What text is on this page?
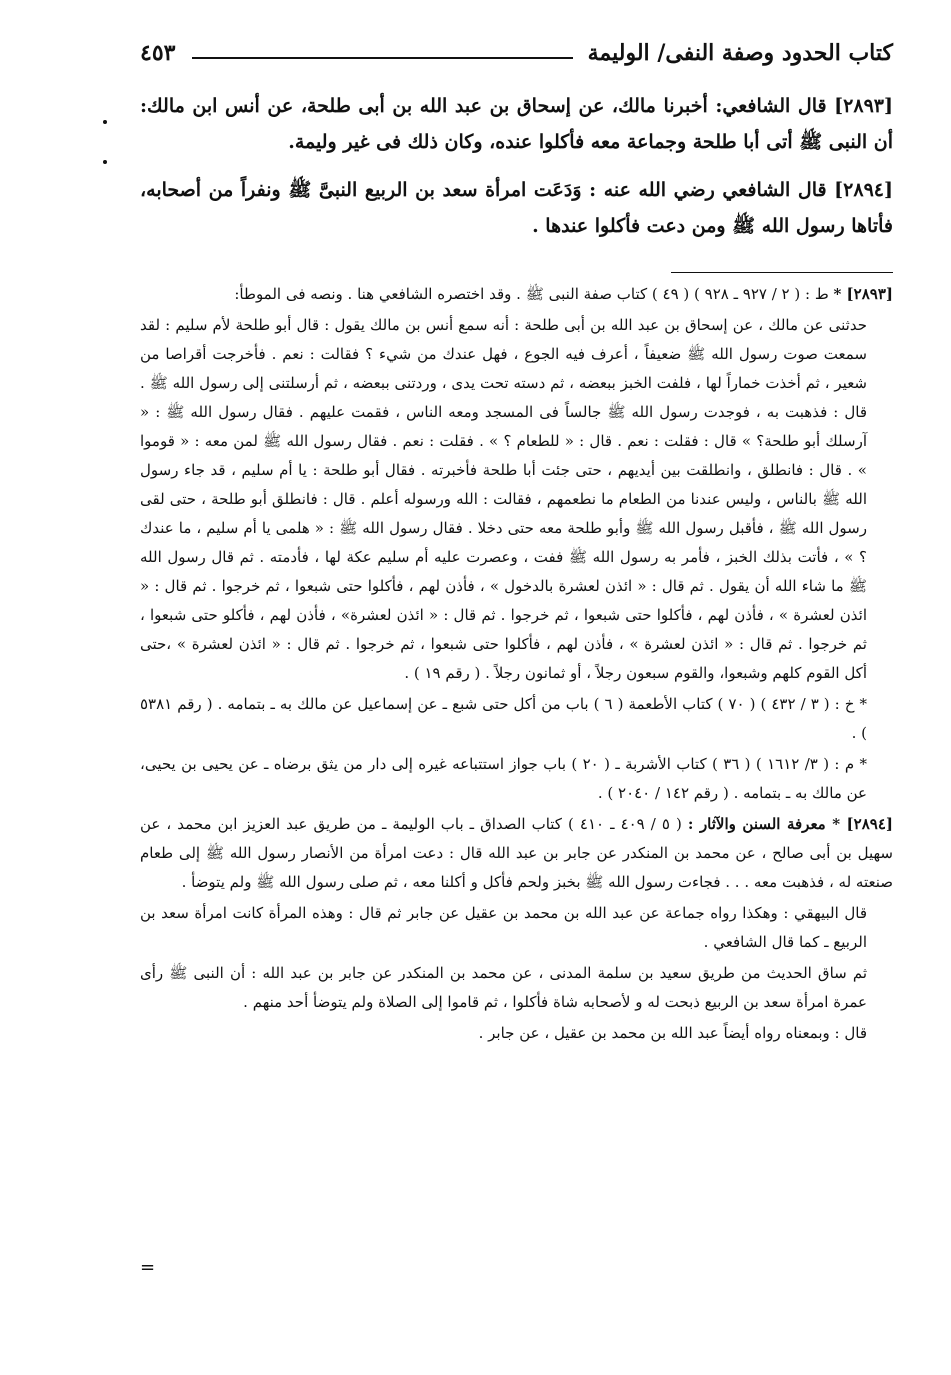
كتاب الحدود وصفة النفى/ الوليمة
٤٥٣

[٢٨٩٣] قال الشافعي: أخبرنا مالك، عن إسحاق بن عبد الله بن أبى طلحة، عن أنس ابن مالك: أن النبى ﷺ أتى أبا طلحة وجماعة معه فأكلوا عنده، وكان ذلك فى غير وليمة.

[٢٨٩٤] قال الشافعي رضي الله عنه : وَدَعَت امرأة سعد بن الربيع النبىَّ ﷺ ونفراً من أصحابه، فأتاها رسول الله ﷺ ومن دعت فأكلوا عندها .

[٢٨٩٣] * ط : ( ٢ / ٩٢٧ ـ ٩٢٨ ) ( ٤٩ ) كتاب صفة النبى ﷺ . وقد اختصره الشافعي هنا . ونصه فى الموطأ:

حدثنى عن مالك ، عن إسحاق بن عبد الله بن أبى طلحة : أنه سمع أنس بن مالك يقول : قال أبو طلحة لأم سليم : لقد سمعت صوت رسول الله ﷺ ضعيفاً ، أعرف فيه الجوع ، فهل عندك من شيء ؟ فقالت : نعم . فأخرجت أقراصا من شعير ، ثم أخذت خماراً لها ، فلفت الخبز ببعضه ، ثم دسته تحت يدى ، وردتنى ببعضه ، ثم أرسلتنى إلى رسول الله ﷺ . قال : فذهبت به ، فوجدت رسول الله ﷺ جالساً فى المسجد ومعه الناس ، فقمت عليهم . فقال رسول الله ﷺ : « آرسلك أبو طلحة؟ » قال : فقلت : نعم . قال : « للطعام ؟ » . فقلت : نعم . فقال رسول الله ﷺ لمن معه : « قوموا » . قال : فانطلق ، وانطلقت بين أيديهم ، حتى جئت أبا طلحة فأخبرته . فقال أبو طلحة : يا أم سليم ، قد جاء رسول الله ﷺ بالناس ، وليس عندنا من الطعام ما نطعمهم ، فقالت : الله ورسوله أعلم . قال : فانطلق أبو طلحة ، حتى لقى رسول الله ﷺ ، فأقبل رسول الله ﷺ وأبو طلحة معه حتى دخلا . فقال رسول الله ﷺ : « هلمى يا أم سليم ، ما عندك ؟ » ، فأتت بذلك الخبز ، فأمر به رسول الله ﷺ ففت ، وعصرت عليه أم سليم عكة لها ، فأدمته . ثم قال رسول الله ﷺ ما شاء الله أن يقول . ثم قال : « ائذن لعشرة بالدخول » ، فأذن لهم ، فأكلوا حتى شبعوا ، ثم خرجوا . ثم قال : « ائذن لعشرة » ، فأذن لهم ، فأكلوا حتى شبعوا ، ثم خرجوا . ثم قال : « ائذن لعشرة» ، فأذن لهم ، فأكلو حتى شبعوا ، ثم خرجوا . ثم قال : « ائذن لعشرة » ، فأذن لهم ، فأكلوا حتى شبعوا ، ثم خرجوا . ثم قال : « ائذن لعشرة » ،حتى أكل القوم كلهم وشبعوا، والقوم سبعون رجلاً ، أو ثمانون رجلاً . ( رقم ١٩ ) .

* خ : ( ٣ / ٤٣٢ ) ( ٧٠ ) كتاب الأطعمة ( ٦ ) باب من أكل حتى شبع ـ عن إسماعيل عن مالك به ـ بتمامه . ( رقم ٥٣٨١ ) .

* م : ( ٣/ ١٦١٢ ) ( ٣٦ ) كتاب الأشربة ـ ( ٢٠ ) باب جواز استتباعه غيره إلى دار من يثق برضاه ـ عن يحيى بن يحيى، عن مالك به ـ بتمامه . ( رقم ١٤٢ / ٢٠٤٠ ) .

[٢٨٩٤] * معرفة السنن والآثار : ( ٥ / ٤٠٩ ـ ٤١٠ ) كتاب الصداق ـ باب الوليمة ـ من طريق عبد العزيز ابن محمد ، عن سهيل بن أبى صالح ، عن محمد بن المنكدر عن جابر بن عبد الله قال : دعت امرأة من الأنصار رسول الله ﷺ إلى طعام صنعته له ، فذهبت معه . . . فجاءت رسول الله ﷺ بخبز ولحم فأكل و أكلنا معه ، ثم صلى رسول الله ﷺ ولم يتوضأ .

قال البيهقي : وهكذا رواه جماعة عن عبد الله بن محمد بن عقيل عن جابر ثم قال : وهذه المرأة كانت امرأة سعد بن الربيع ـ كما قال الشافعي .

ثم ساق الحديث من طريق سعيد بن سلمة المدنى ، عن محمد بن المنكدر عن جابر بن عبد الله : أن النبى ﷺ رأى عمرة امرأة سعد بن الربيع ذبحت له و لأصحابه شاة فأكلوا ، ثم قاموا إلى الصلاة ولم يتوضأ أحد منهم .

قال : وبمعناه رواه أيضاً عبد الله بن محمد بن عقيل ، عن جابر .

=
